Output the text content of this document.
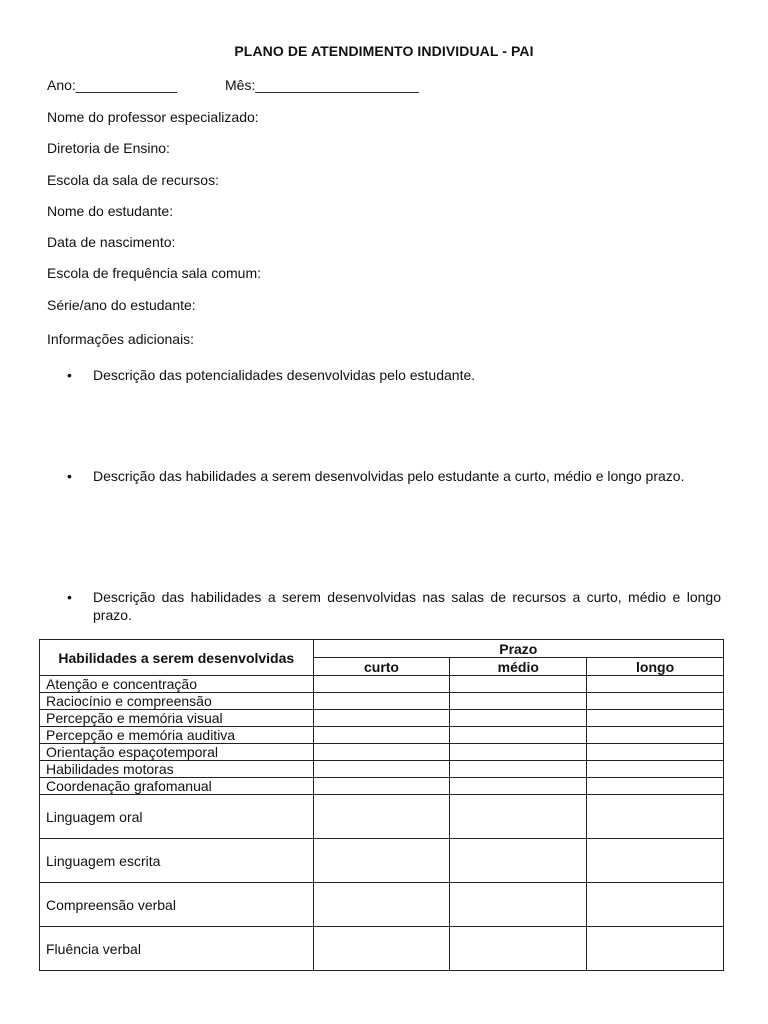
PLANO DE ATENDIMENTO INDIVIDUAL - PAI
Ano:_____________	Mês:_____________________
Nome do professor especializado:
Diretoria de Ensino:
Escola da sala de recursos:
Nome do estudante:
Data de nascimento:
Escola de frequência sala comum:
Série/ano do estudante:
Informações adicionais:
•	Descrição das potencialidades desenvolvidas pelo estudante.
•	Descrição das habilidades a serem desenvolvidas pelo estudante a curto, médio e longo prazo.
•	Descrição das habilidades a serem desenvolvidas nas salas de recursos a curto, médio e longo prazo.
Habilidades a serem desenvolvidas	Prazo		
	curto	médio	longo
Atenção e concentração			
Raciocínio e compreensão			
Percepção e memória visual			
Percepção e memória auditiva			
Orientação espaçotemporal			
Habilidades motoras			
Coordenação grafomanual			
Linguagem oral			
Linguagem escrita			
Compreensão verbal			
Fluência verbal			
